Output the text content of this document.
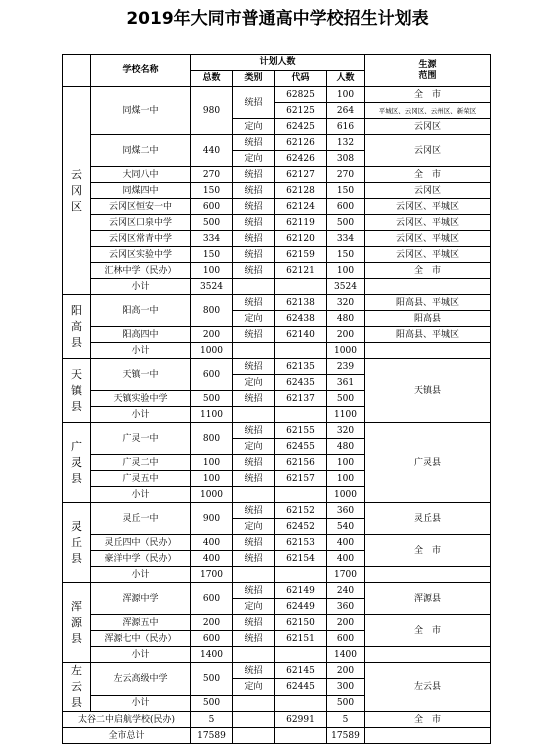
2019年大同市普通高中学校招生计划表
	学校名称	计划人数				生源
范围

		总数	类别	代码	人数	

云
冈
区	同煤一中	980	统招	62825	100	全　市
				62125	264	平城区、云冈区、云州区、新荣区
			定向	62425	616	云冈区
	同煤二中	440	统招	62126	132	云冈区
			定向	62426	308	
	大同八中	270	统招	62127	270	全　市
	同煤四中	150	统招	62128	150	云冈区
	云冈区恒安一中	600	统招	62124	600	云冈区、平城区
	云冈区口泉中学	500	统招	62119	500	云冈区、平城区
	云冈区常青中学	334	统招	62120	334	云冈区、平城区
	云冈区实验中学	150	统招	62159	150	云冈区、平城区
	汇林中学（民办）	100	统招	62121	100	全　市
	小计	3524			3524	

阳
高
县	阳高一中	800	统招	62138	320	阳高县、平城区
			定向	62438	480	阳高县
	阳高四中	200	统招	62140	200	阳高县、平城区
	小计	1000			1000	

天
镇
县	天镇一中	600	统招	62135	239	天镇县
			定向	62435	361	
	天镇实验中学	500	统招	62137	500	
	小计	1100			1100	

广
灵
县	广灵一中	800	统招	62155	320	广灵县
			定向	62455	480	
	广灵二中	100	统招	62156	100	
	广灵五中	100	统招	62157	100	
	小计	1000			1000	

灵
丘
县	灵丘一中	900	统招	62152	360	灵丘县
			定向	62452	540	
	灵丘四中（民办）	400	统招	62153	400	全　市
	豪洋中学（民办）	400	统招	62154	400	
	小计	1700			1700	

浑
源
县	浑源中学	600	统招	62149	240	浑源县
			定向	62449	360	
	浑源五中	200	统招	62150	200	全　市
	浑源七中（民办）	600	统招	62151	600	
	小计	1400			1400	

左
云
县	左云高级中学	500	统招	62145	200	左云县
			定向	62445	300	
	小计	500			500	
太谷二中启航学校(民办)		5		62991	5	全　市
全市总计		17589			17589	
